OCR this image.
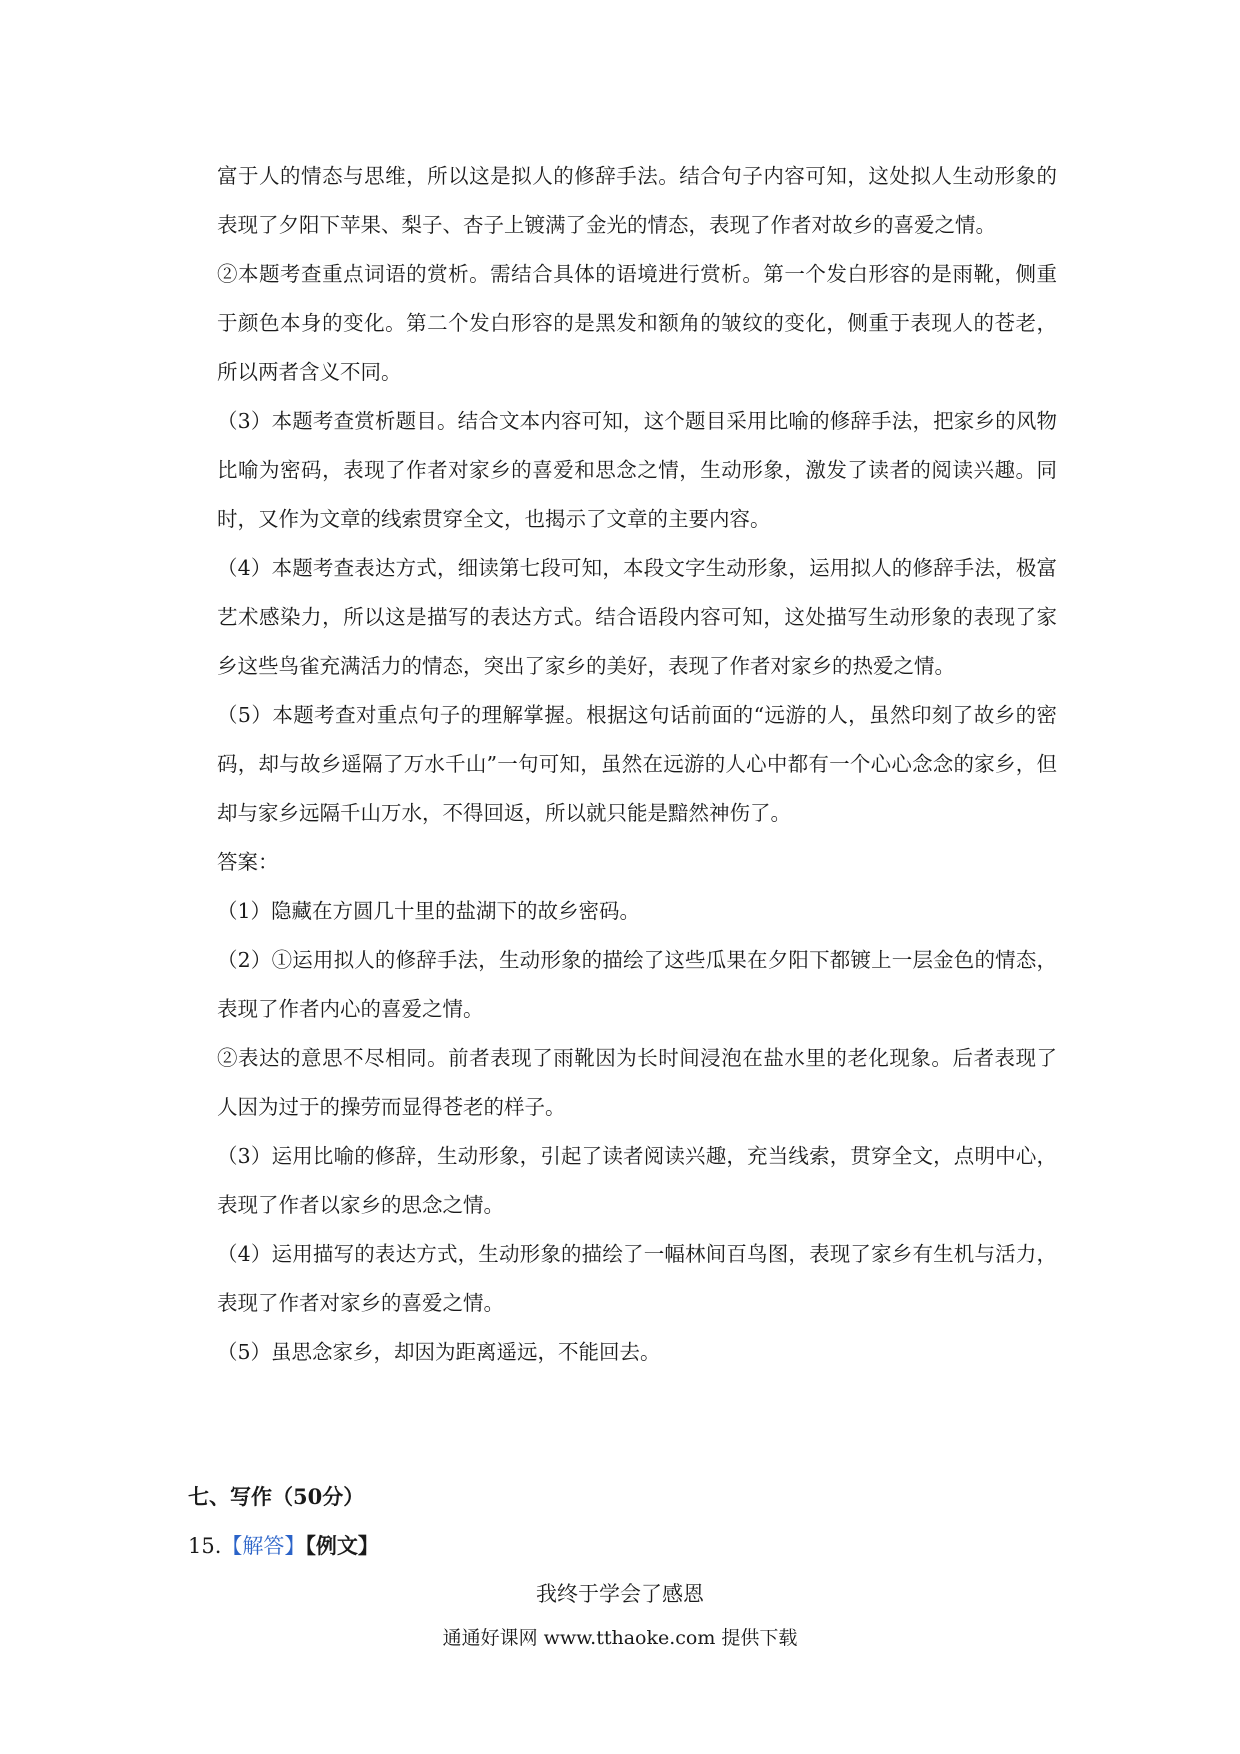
富于人的情态与思维，所以这是拟人的修辞手法。结合句子内容可知，这处拟人生动形象的表现了夕阳下苹果、梨子、杏子上镀满了金光的情态，表现了作者对故乡的喜爱之情。

②本题考查重点词语的赏析。需结合具体的语境进行赏析。第一个发白形容的是雨靴，侧重于颜色本身的变化。第二个发白形容的是黑发和额角的皱纹的变化，侧重于表现人的苍老，所以两者含义不同。

（3）本题考查赏析题目。结合文本内容可知，这个题目采用比喻的修辞手法，把家乡的风物比喻为密码，表现了作者对家乡的喜爱和思念之情，生动形象，激发了读者的阅读兴趣。同时，又作为文章的线索贯穿全文，也揭示了文章的主要内容。

（4）本题考查表达方式，细读第七段可知，本段文字生动形象，运用拟人的修辞手法，极富艺术感染力，所以这是描写的表达方式。结合语段内容可知，这处描写生动形象的表现了家乡这些鸟雀充满活力的情态，突出了家乡的美好，表现了作者对家乡的热爱之情。

（5）本题考查对重点句子的理解掌握。根据这句话前面的“远游的人，虽然印刻了故乡的密码，却与故乡遥隔了万水千山”一句可知，虽然在远游的人心中都有一个心心念念的家乡，但却与家乡远隔千山万水，不得回返，所以就只能是黯然神伤了。

答案：

（1）隐藏在方圆几十里的盐湖下的故乡密码。

（2）①运用拟人的修辞手法，生动形象的描绘了这些瓜果在夕阳下都镀上一层金色的情态，表现了作者内心的喜爱之情。

②表达的意思不尽相同。前者表现了雨靴因为长时间浸泡在盐水里的老化现象。后者表现了人因为过于的操劳而显得苍老的样子。

（3）运用比喻的修辞，生动形象，引起了读者阅读兴趣，充当线索，贯穿全文，点明中心，表现了作者以家乡的思念之情。

（4）运用描写的表达方式，生动形象的描绘了一幅林间百鸟图，表现了家乡有生机与活力，表现了作者对家乡的喜爱之情。

（5）虽思念家乡，却因为距离遥远，不能回去。

七、写作（50分）

15.【解答】【例文】

我终于学会了感恩

通通好课网 www.tthaoke.com 提供下载
